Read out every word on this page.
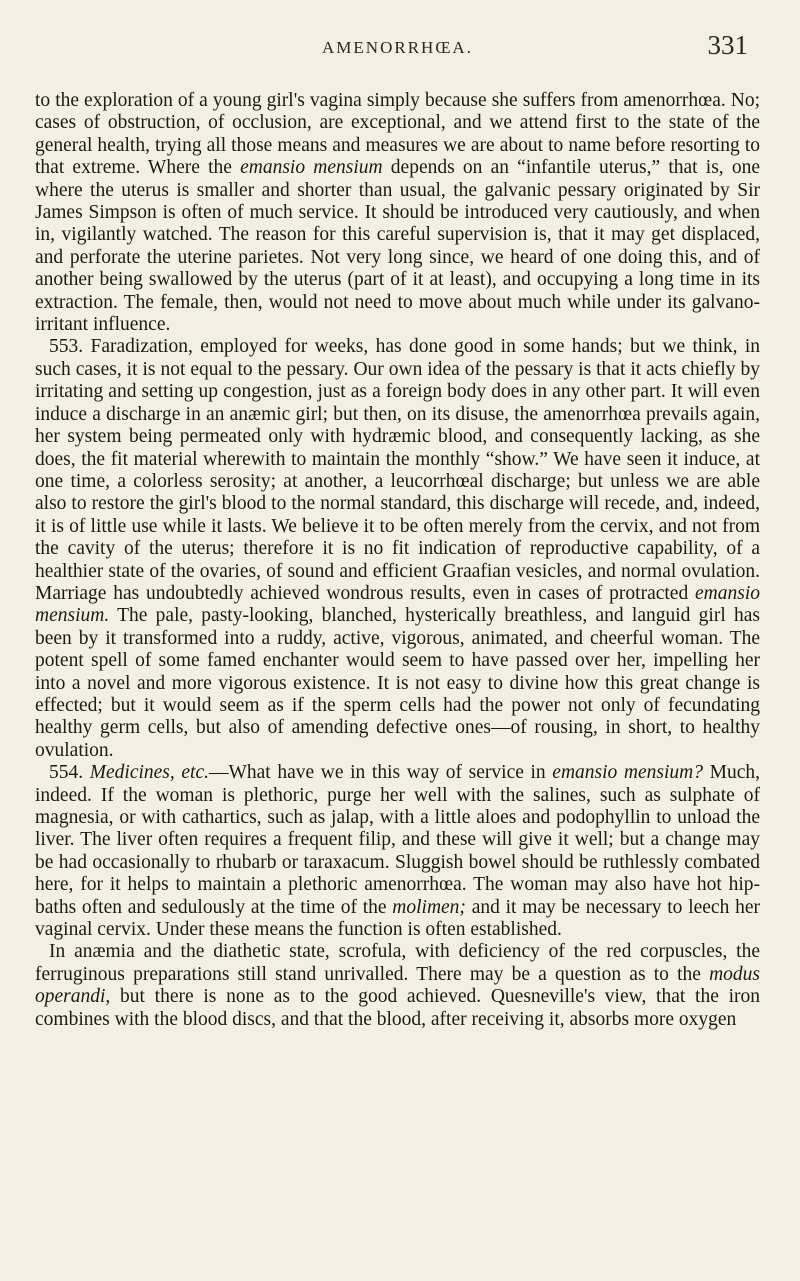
AMENORRHŒA.	331

to the exploration of a young girl's vagina simply because she suffers from amenorrhœa. No; cases of obstruction, of occlusion, are exceptional, and we attend first to the state of the general health, trying all those means and measures we are about to name before resorting to that extreme. Where the emansio mensium depends on an “infantile uterus,” that is, one where the uterus is smaller and shorter than usual, the galvanic pessary originated by Sir James Simpson is often of much service. It should be introduced very cautiously, and when in, vigilantly watched. The reason for this careful supervision is, that it may get displaced, and perforate the uterine parietes. Not very long since, we heard of one doing this, and of another being swallowed by the uterus (part of it at least), and occupying a long time in its extraction. The female, then, would not need to move about much while under its galvano-irritant influence.

553. Faradization, employed for weeks, has done good in some hands; but we think, in such cases, it is not equal to the pessary. Our own idea of the pessary is that it acts chiefly by irritating and setting up congestion, just as a foreign body does in any other part. It will even induce a discharge in an anæmic girl; but then, on its disuse, the amenorrhœa prevails again, her system being permeated only with hydræmic blood, and consequently lacking, as she does, the fit material wherewith to maintain the monthly “show.” We have seen it induce, at one time, a colorless serosity; at another, a leucorrhœal discharge; but unless we are able also to restore the girl's blood to the normal standard, this discharge will recede, and, indeed, it is of little use while it lasts. We believe it to be often merely from the cervix, and not from the cavity of the uterus; therefore it is no fit indication of reproductive capability, of a healthier state of the ovaries, of sound and efficient Graafian vesicles, and normal ovulation. Marriage has undoubtedly achieved wondrous results, even in cases of protracted emansio mensium. The pale, pasty-looking, blanched, hysterically breathless, and languid girl has been by it transformed into a ruddy, active, vigorous, animated, and cheerful woman. The potent spell of some famed enchanter would seem to have passed over her, impelling her into a novel and more vigorous existence. It is not easy to divine how this great change is effected; but it would seem as if the sperm cells had the power not only of fecundating healthy germ cells, but also of amending defective ones—of rousing, in short, to healthy ovulation.

554. Medicines, etc.—What have we in this way of service in emansio mensium? Much, indeed. If the woman is plethoric, purge her well with the salines, such as sulphate of magnesia, or with cathartics, such as jalap, with a little aloes and podophyllin to unload the liver. The liver often requires a frequent filip, and these will give it well; but a change may be had occasionally to rhubarb or taraxacum. Sluggish bowel should be ruthlessly combated here, for it helps to maintain a plethoric amenorrhœa. The woman may also have hot hip-baths often and sedulously at the time of the molimen; and it may be necessary to leech her vaginal cervix. Under these means the function is often established.

In anæmia and the diathetic state, scrofula, with deficiency of the red corpuscles, the ferruginous preparations still stand unrivalled. There may be a question as to the modus operandi, but there is none as to the good achieved. Quesneville's view, that the iron combines with the blood discs, and that the blood, after receiving it, absorbs more oxygen
